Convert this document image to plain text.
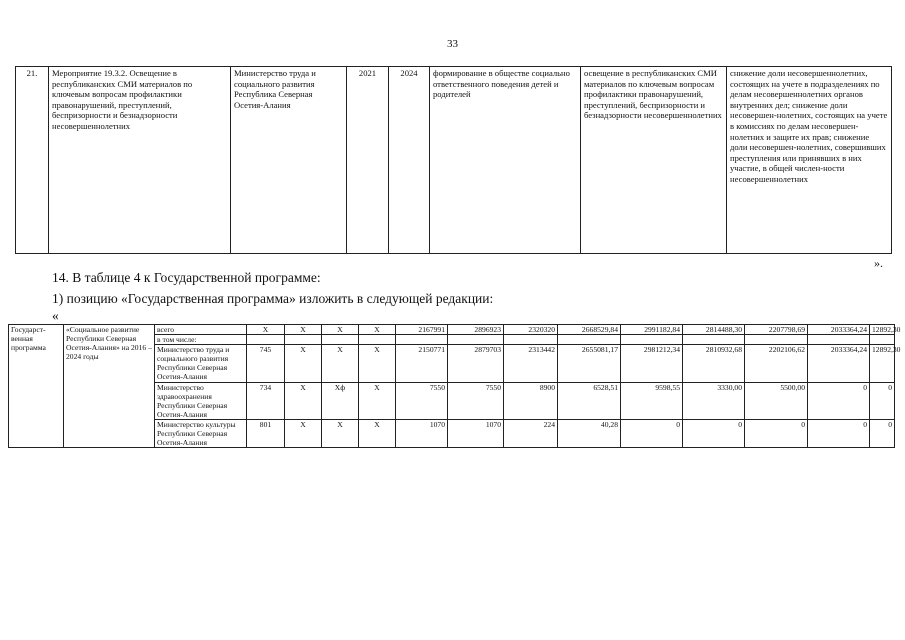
33
21.	Мероприятие 19.3.2. Освещение в республиканских СМИ материалов по ключевым вопросам профилактики правонарушений, преступлений, беспризорности и безнадзорности несовершеннолетних	Министерство труда и социального развития Республика Северная Осетия-Алания	2021	2024	формирование в обществе социально ответственного поведения детей и родителей	освещение в республиканских СМИ материалов по ключевым вопросам профилактики правонарушений, преступлений, беспризорности и безнадзорности несовершеннолетних	снижение доли несовершеннолетних, состоящих на учете в подразделениях по делам несовершеннолетних органов внутренних дел; снижение доли несовершен-нолетних, состоящих на учете в комиссиях по делам несовершен-нолетних и защите их прав; снижение доли несовершен-нолетних, совершивших преступления или принявших в них участие, в общей числен-ности несовершеннолетних
».
14. В таблице 4 к Государственной программе:
1) позицию «Государственная программа» изложить в следующей редакции:
«
Государст-венная программа	«Социальное развитие Республики Северная Осетия-Алания» на 2016 – 2024 годы	всего	X	X	X	X	2167991	2896923	2320320	2668529,84	2991182,84	2814488,30	2207798,69	2033364,24	12892,30
		в том числе:													
		Министерство труда и социального развития Республики Северная Осетия-Алания	745	X	X	X	2150771	2879703	2313442	2655081,17	2981212,34	2810932,68	2202106,62	2033364,24	12892,30
		Министерство здравоохранения Республики Северная Осетия-Алания	734	X	Xф	X	7550	7550	8900	6528,51	9598,55	3330,00	5500,00	0	0
		Министерство культуры Республики Северная Осетия-Алания	801	X	X	X	1070	1070	224	40,28	0	0	0	0	0
